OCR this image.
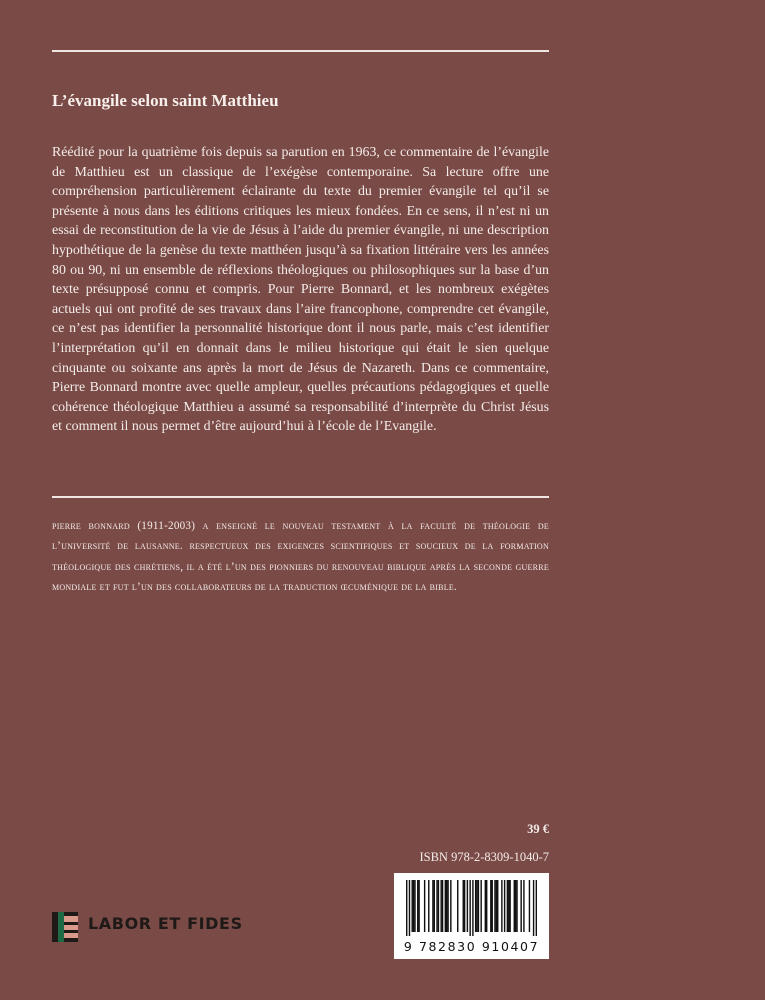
L’évangile selon saint Matthieu

Réédité pour la quatrième fois depuis sa parution en 1963, ce commentaire de l’évangile de Matthieu est un classique de l’exégèse contemporaine. Sa lecture offre une compréhension particulièrement éclairante du texte du premier évangile tel qu’il se présente à nous dans les éditions critiques les mieux fondées. En ce sens, il n’est ni un essai de reconstitution de la vie de Jésus à l’aide du premier évangile, ni une description hypothétique de la genèse du texte matthéen jusqu’à sa fixation littéraire vers les années 80 ou 90, ni un ensemble de réflexions théologiques ou philosophiques sur la base d’un texte présupposé connu et compris. Pour Pierre Bonnard, et les nombreux exégètes actuels qui ont profité de ses travaux dans l’aire francophone, comprendre cet évangile, ce n’est pas identifier la personnalité historique dont il nous parle, mais c’est identifier l’interprétation qu’il en donnait dans le milieu historique qui était le sien quelque cinquante ou soixante ans après la mort de Jésus de Nazareth. Dans ce commentaire, Pierre Bonnard montre avec quelle ampleur, quelles précautions pédagogiques et quelle cohérence théologique Matthieu a assumé sa responsabilité d’interprète du Christ Jésus et comment il nous permet d’être aujourd’hui à l’école de l’Evangile.

pierre bonnard (1911-2003) a enseigné le nouveau testament à la faculté de théologie de l’université de lausanne. respectueux des exigences scientifiques et soucieux de la formation théologique des chrétiens, il a été l’un des pionniers du renouveau biblique après la seconde guerre mondiale et fut l’un des collaborateurs de la traduction œcuménique de la bible.

39 €
ISBN 978-2-8309-1040-7
9 782830 910407
LABOR ET FIDES
